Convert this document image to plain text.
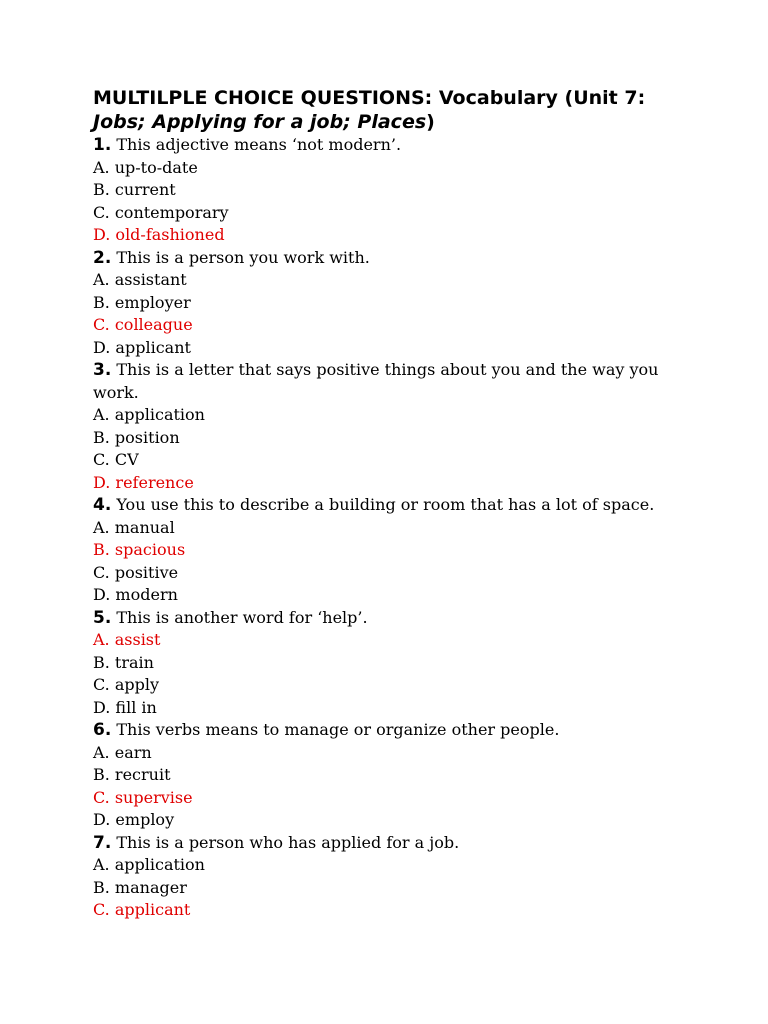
MULTILPLE CHOICE QUESTIONS: Vocabulary (Unit 7: Jobs; Applying for a job; Places)

1. This adjective means ‘not modern’.

A. up-to-date

B. current

C. contemporary

D. old-fashioned

2. This is a person you work with.

A. assistant

B. employer

C. colleague

D. applicant

3. This is a letter that says positive things about you and the way you work.

A. application

B. position

C. CV

D. reference

4. You use this to describe a building or room that has a lot of space.

A. manual

B. spacious

C. positive

D. modern

5. This is another word for ‘help’.

A. assist

B. train

C. apply

D. fill in

6. This verbs means to manage or organize other people.

A. earn

B. recruit

C. supervise

D. employ

7. This is a person who has applied for a job.

A. application

B. manager

C. applicant
